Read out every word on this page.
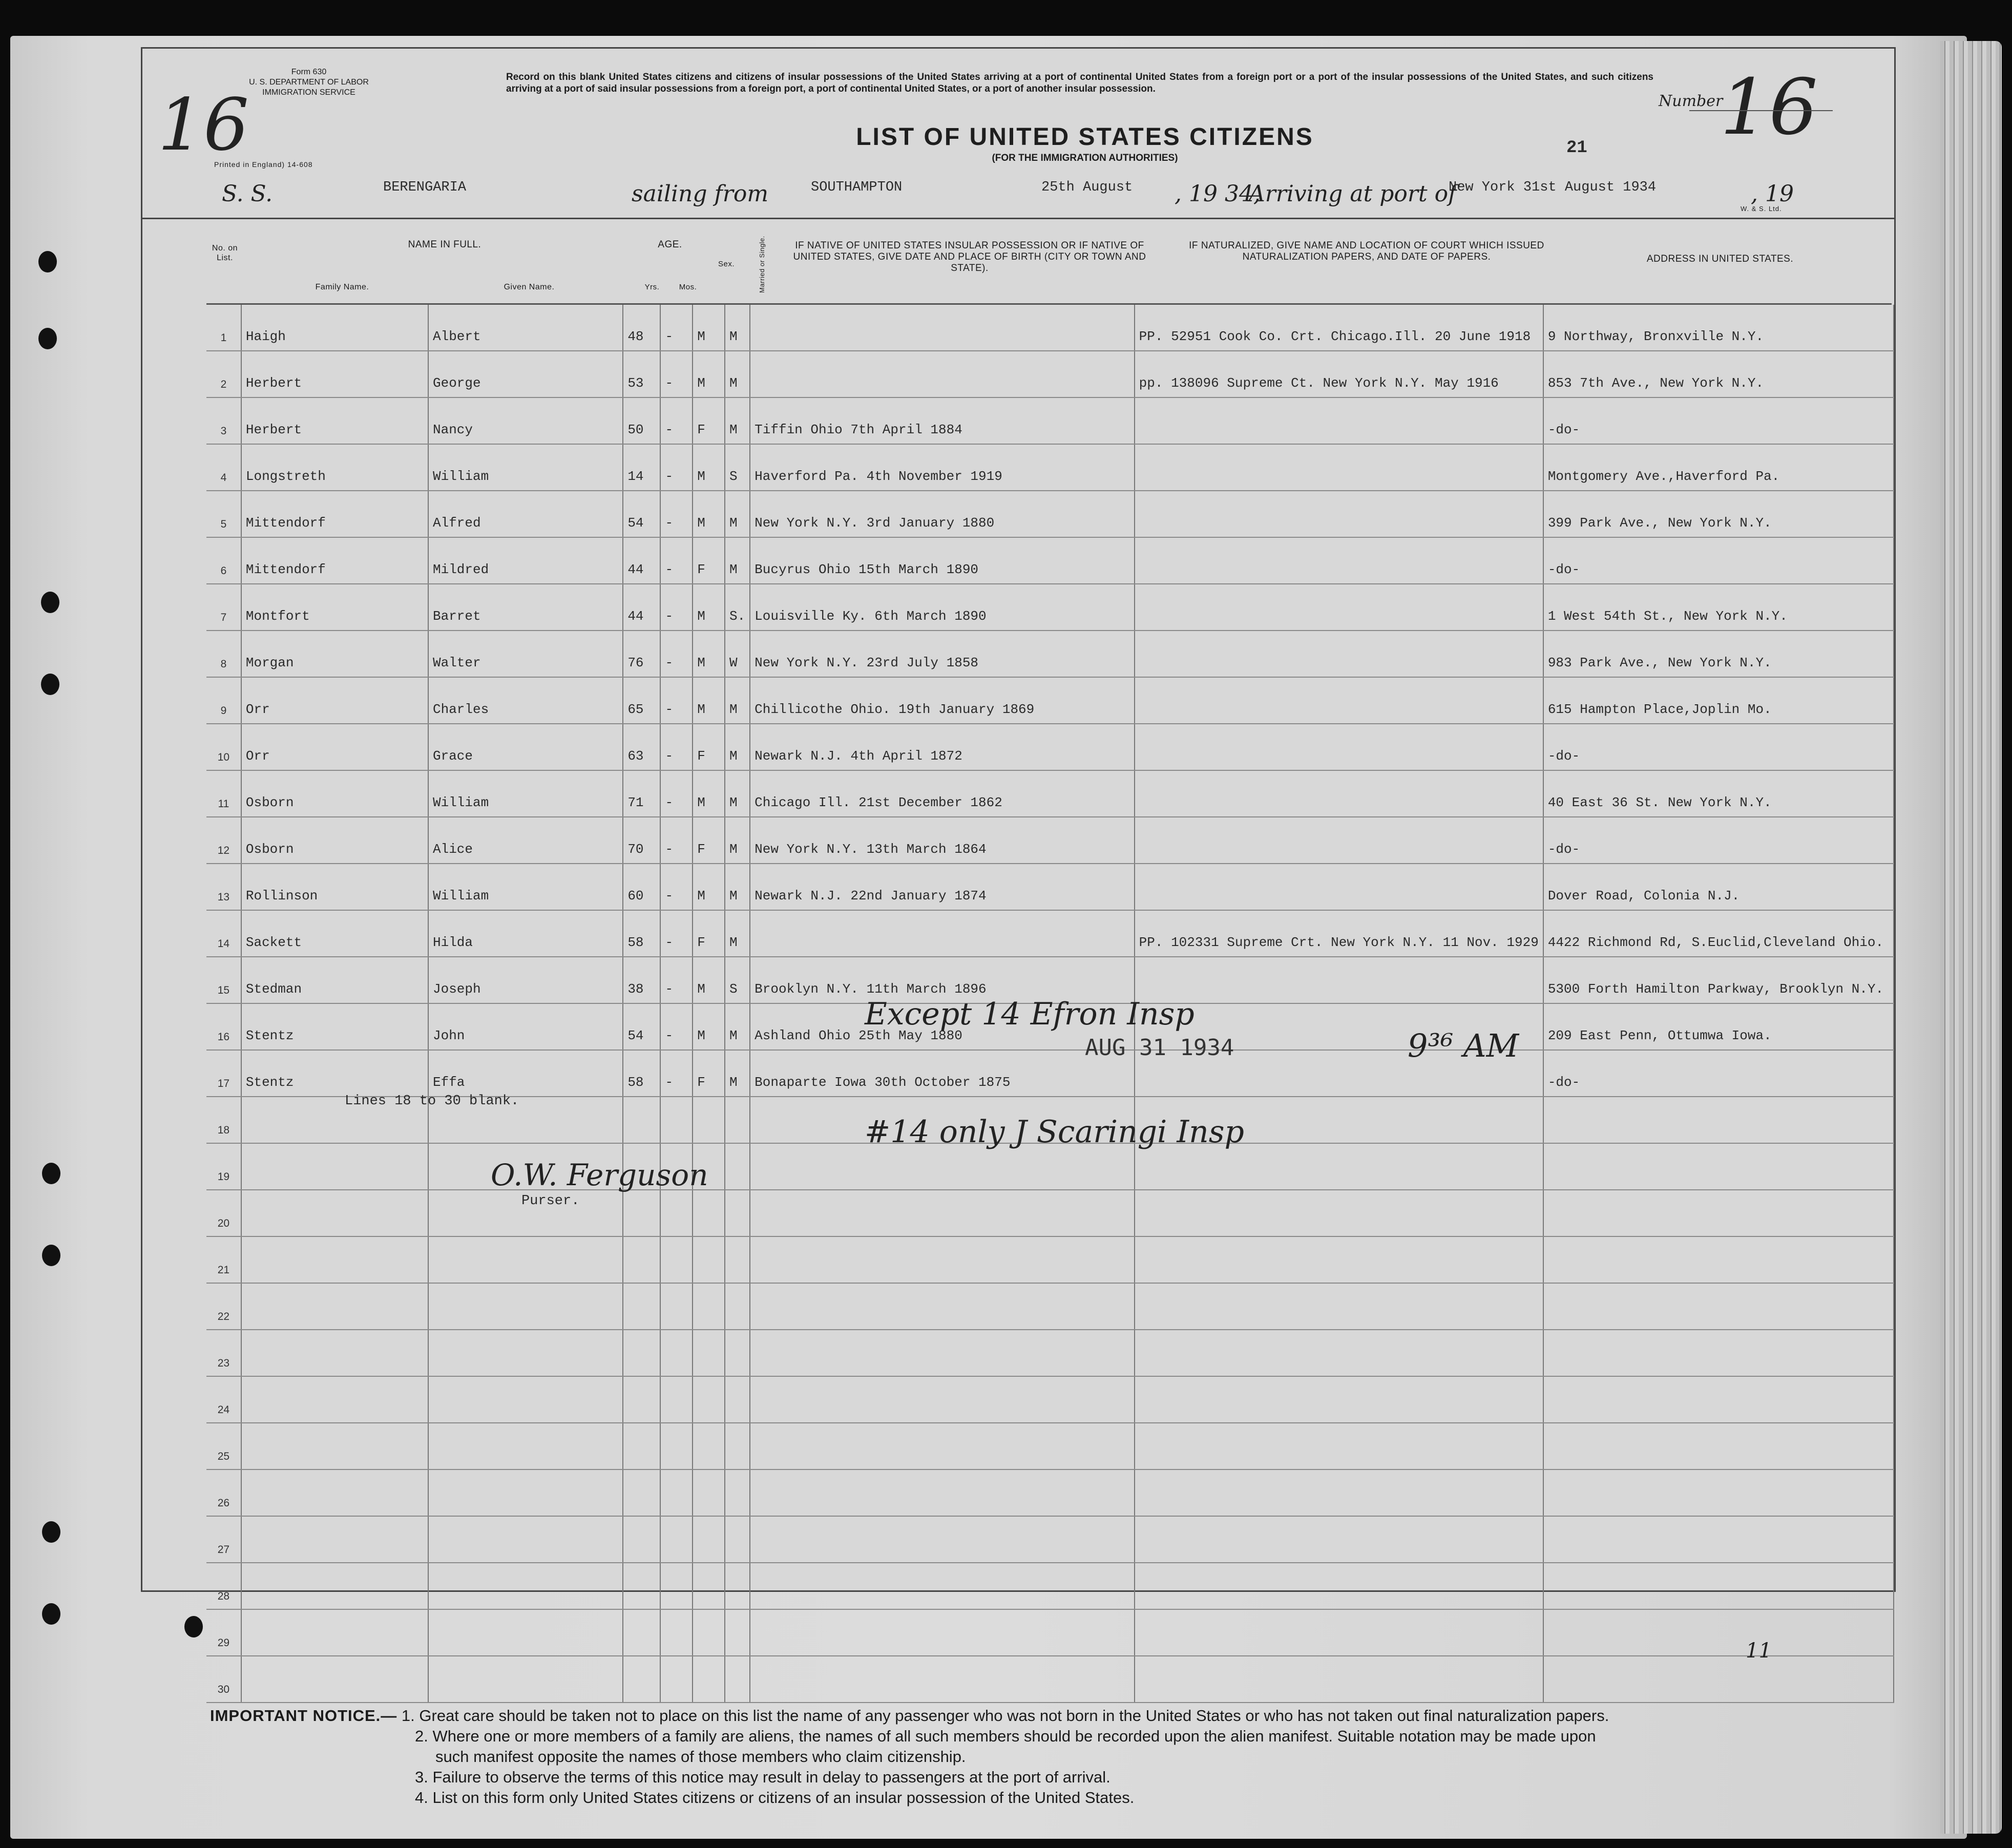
Form 630
U. S. DEPARTMENT OF LABOR
IMMIGRATION SERVICE
Printed in England) 14-608
16
Record on this blank United States citizens and citizens of insular possessions of the United States arriving at a port of continental United States from a foreign port or a port of the insular possessions of the United States, and such citizens arriving at a port of said insular possessions from a foreign port, a port of continental United States, or a port of another insular possession.
LIST OF UNITED STATES CITIZENS
(FOR THE IMMIGRATION AUTHORITIES)
Number
16
21
S. S.	BERENGARIA	sailing from	SOUTHAMPTON	25th August , 19 34,
Arriving at port of
New York 31st August 1934	, 19
W. & S. Ltd.
No. on List.
NAME IN FULL.
Family Name.	Given Name.
AGE.
Yrs.	Mos.
Sex.	Married or Single.	IF NATIVE OF UNITED STATES INSULAR POSSESSION OR IF NATIVE OF UNITED STATES, GIVE DATE AND PLACE OF BIRTH (CITY OR TOWN AND STATE).
IF NATURALIZED, GIVE NAME AND LOCATION OF COURT WHICH ISSUED NATURALIZATION PAPERS, AND DATE OF PAPERS.	ADDRESS IN UNITED STATES.
1	Haigh	Albert	48	-	M	M		PP. 52951 Cook Co. Crt. Chicago.Ill. 20 June 1918	9 Northway, Bronxville N.Y.
2	Herbert	George	53	-	M	M		pp. 138096 Supreme Ct. New York N.Y. May 1916	853 7th Ave., New York N.Y.
3	Herbert	Nancy	50	-	F	M	Tiffin Ohio 7th April 1884		-do-
4	Longstreth	William	14	-	M	S	Haverford Pa. 4th November 1919		Montgomery Ave.,Haverford Pa.
5	Mittendorf	Alfred	54	-	M	M	New York N.Y. 3rd January 1880		399 Park Ave., New York N.Y.
6	Mittendorf	Mildred	44	-	F	M	Bucyrus Ohio 15th March 1890		-do-
7	Montfort	Barret	44	-	M	S.	Louisville Ky. 6th March 1890		1 West 54th St., New York N.Y.
8	Morgan	Walter	76	-	M	W	New York N.Y. 23rd July 1858		983 Park Ave., New York N.Y.
9	Orr	Charles	65	-	M	M	Chillicothe Ohio. 19th January 1869		615 Hampton Place,Joplin Mo.
10	Orr	Grace	63	-	F	M	Newark N.J. 4th April 1872		-do-
11	Osborn	William	71	-	M	M	Chicago Ill. 21st December 1862		40 East 36 St. New York N.Y.
12	Osborn	Alice	70	-	F	M	New York N.Y. 13th March 1864		-do-
13	Rollinson	William	60	-	M	M	Newark N.J. 22nd January 1874		Dover Road, Colonia N.J.
14	Sackett	Hilda	58	-	F	M		PP. 102331 Supreme Crt. New York N.Y. 11 Nov. 1929	4422 Richmond Rd, S.Euclid,Cleveland Ohio.
15	Stedman	Joseph	38	-	M	S	Brooklyn N.Y. 11th March 1896		5300 Forth Hamilton Parkway, Brooklyn N.Y.
16	Stentz	John	54	-	M	M	Ashland Ohio 25th May 1880		209 East Penn, Ottumwa Iowa.
17	Stentz	Effa	58	-	F	M	Bonaparte Iowa 30th October 1875		-do-
18									
19									
20									
21									
22									
23									
24									
25									
26									
27									
28									
29									
30									
Lines 18 to 30 blank.
O.W. Ferguson
Purser.
Except 14 Efron Insp
AUG 31 1934	9³⁶ AM
#14 only J Scaringi Insp
11
IMPORTANT NOTICE.— 1. Great care should be taken not to place on this list the name of any passenger who was not born in the United States or who has not taken out final naturalization papers.
2. Where one or more members of a family are aliens, the names of all such members should be recorded upon the alien manifest. Suitable notation may be made upon
such manifest opposite the names of those members who claim citizenship.
3. Failure to observe the terms of this notice may result in delay to passengers at the port of arrival.
4. List on this form only United States citizens or citizens of an insular possession of the United States.
